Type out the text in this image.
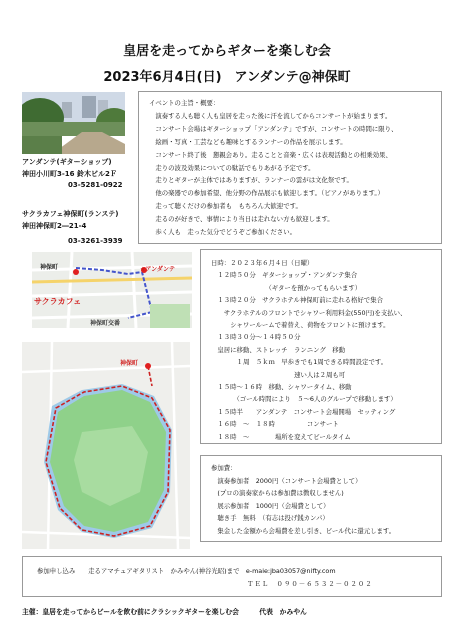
皇居を走ってからギターを楽しむ会
2023年6月4日(日)　アンダンテ@神保町
アンダンテ(ギターショップ)
神田小川町3-16 鈴木ビル2Ｆ
03-5281-0922
サクラカフェ神保町(ランステ)
神田神保町2―21-4
03-3261-3939
イベントの主旨・概要：
　演奏する人も聴く人も皇居を走った後に汗を流してからコンサートが始まります。
　コンサート会場はギターショップ「アンダンテ」ですが、コンサートの時間に限り、
　絵画・写真・工芸なども趣味とするランナーの作品を展示します。
　コンサート終了後　懇親会あり。走ることと音楽・広くは表現活動との相乗効果、
　走りの波及効果についての駄話でもりあがる予定です。
　走りとギターが主体ではありますが、ランナーの雲がは文化祭です。
　他の楽器での参加希望、他分野の作品展示も歓迎します。（ピアノがあります。）
　走って聴くだけの参加者も　もちろん大歓迎です。
　走るのが好きで、事情により当日は走れない方も歓迎します。
　歩く人も　走った気分でどうぞご参加ください。
神保町	★アンダンテ
サクラカフェ
神保町交番
神保町
日時：２０２３年６月４日（日曜）
　１２時５０分　ギターショップ・アンダンテ集合
　　　　　　　　　（ギターを預かってもらいます）
　１３時２０分　サクラホテル神保町前に走れる格好で集合
　　サクラホテルのフロントでシャワー利用料金(550円)を支払い、
　　　シャワールームで着替え、荷物をフロントに預けます。
　１３時３０分～１４時５０分
　皇居に移動、ストレッチ　ランニング　移動
　　　　１周　５ｋｍ　早歩きでも1周できる時間設定です。
　　　　　　　　　　　　　速い人は２周も可
　１５時～１６時　移動、シャワータイム、移動
　　　　（ゴール時間により　５～6人のグループで移動します）
　１５時半　　アンダンテ　コンサート会場開場　セッティング
　１６時　～　１８時　　　　　コンサート
　１８時　～　　　　場所を変えてビールタイム
参加費：
　演奏参加者　2000円（コンサート会場費として）
　(プロの演奏家からは参加費は徴収しません)
　展示参加者　1000円（会場費として）
　聴き手　無料　（有志は投げ銭カンパ）
　集金した金額から会場費を差し引き、ビール代に還元します。
参加申し込み　　走るアマチュアギタリスト　かみやん(神谷光昭)まで　e-maie:jba03057@nifty.com
ＴＥＬ　０９０－６５３２－０２０２
主催：皇居を走ってからビールを飲む前にクラシックギターを楽しむ会　　　代表　かみやん
